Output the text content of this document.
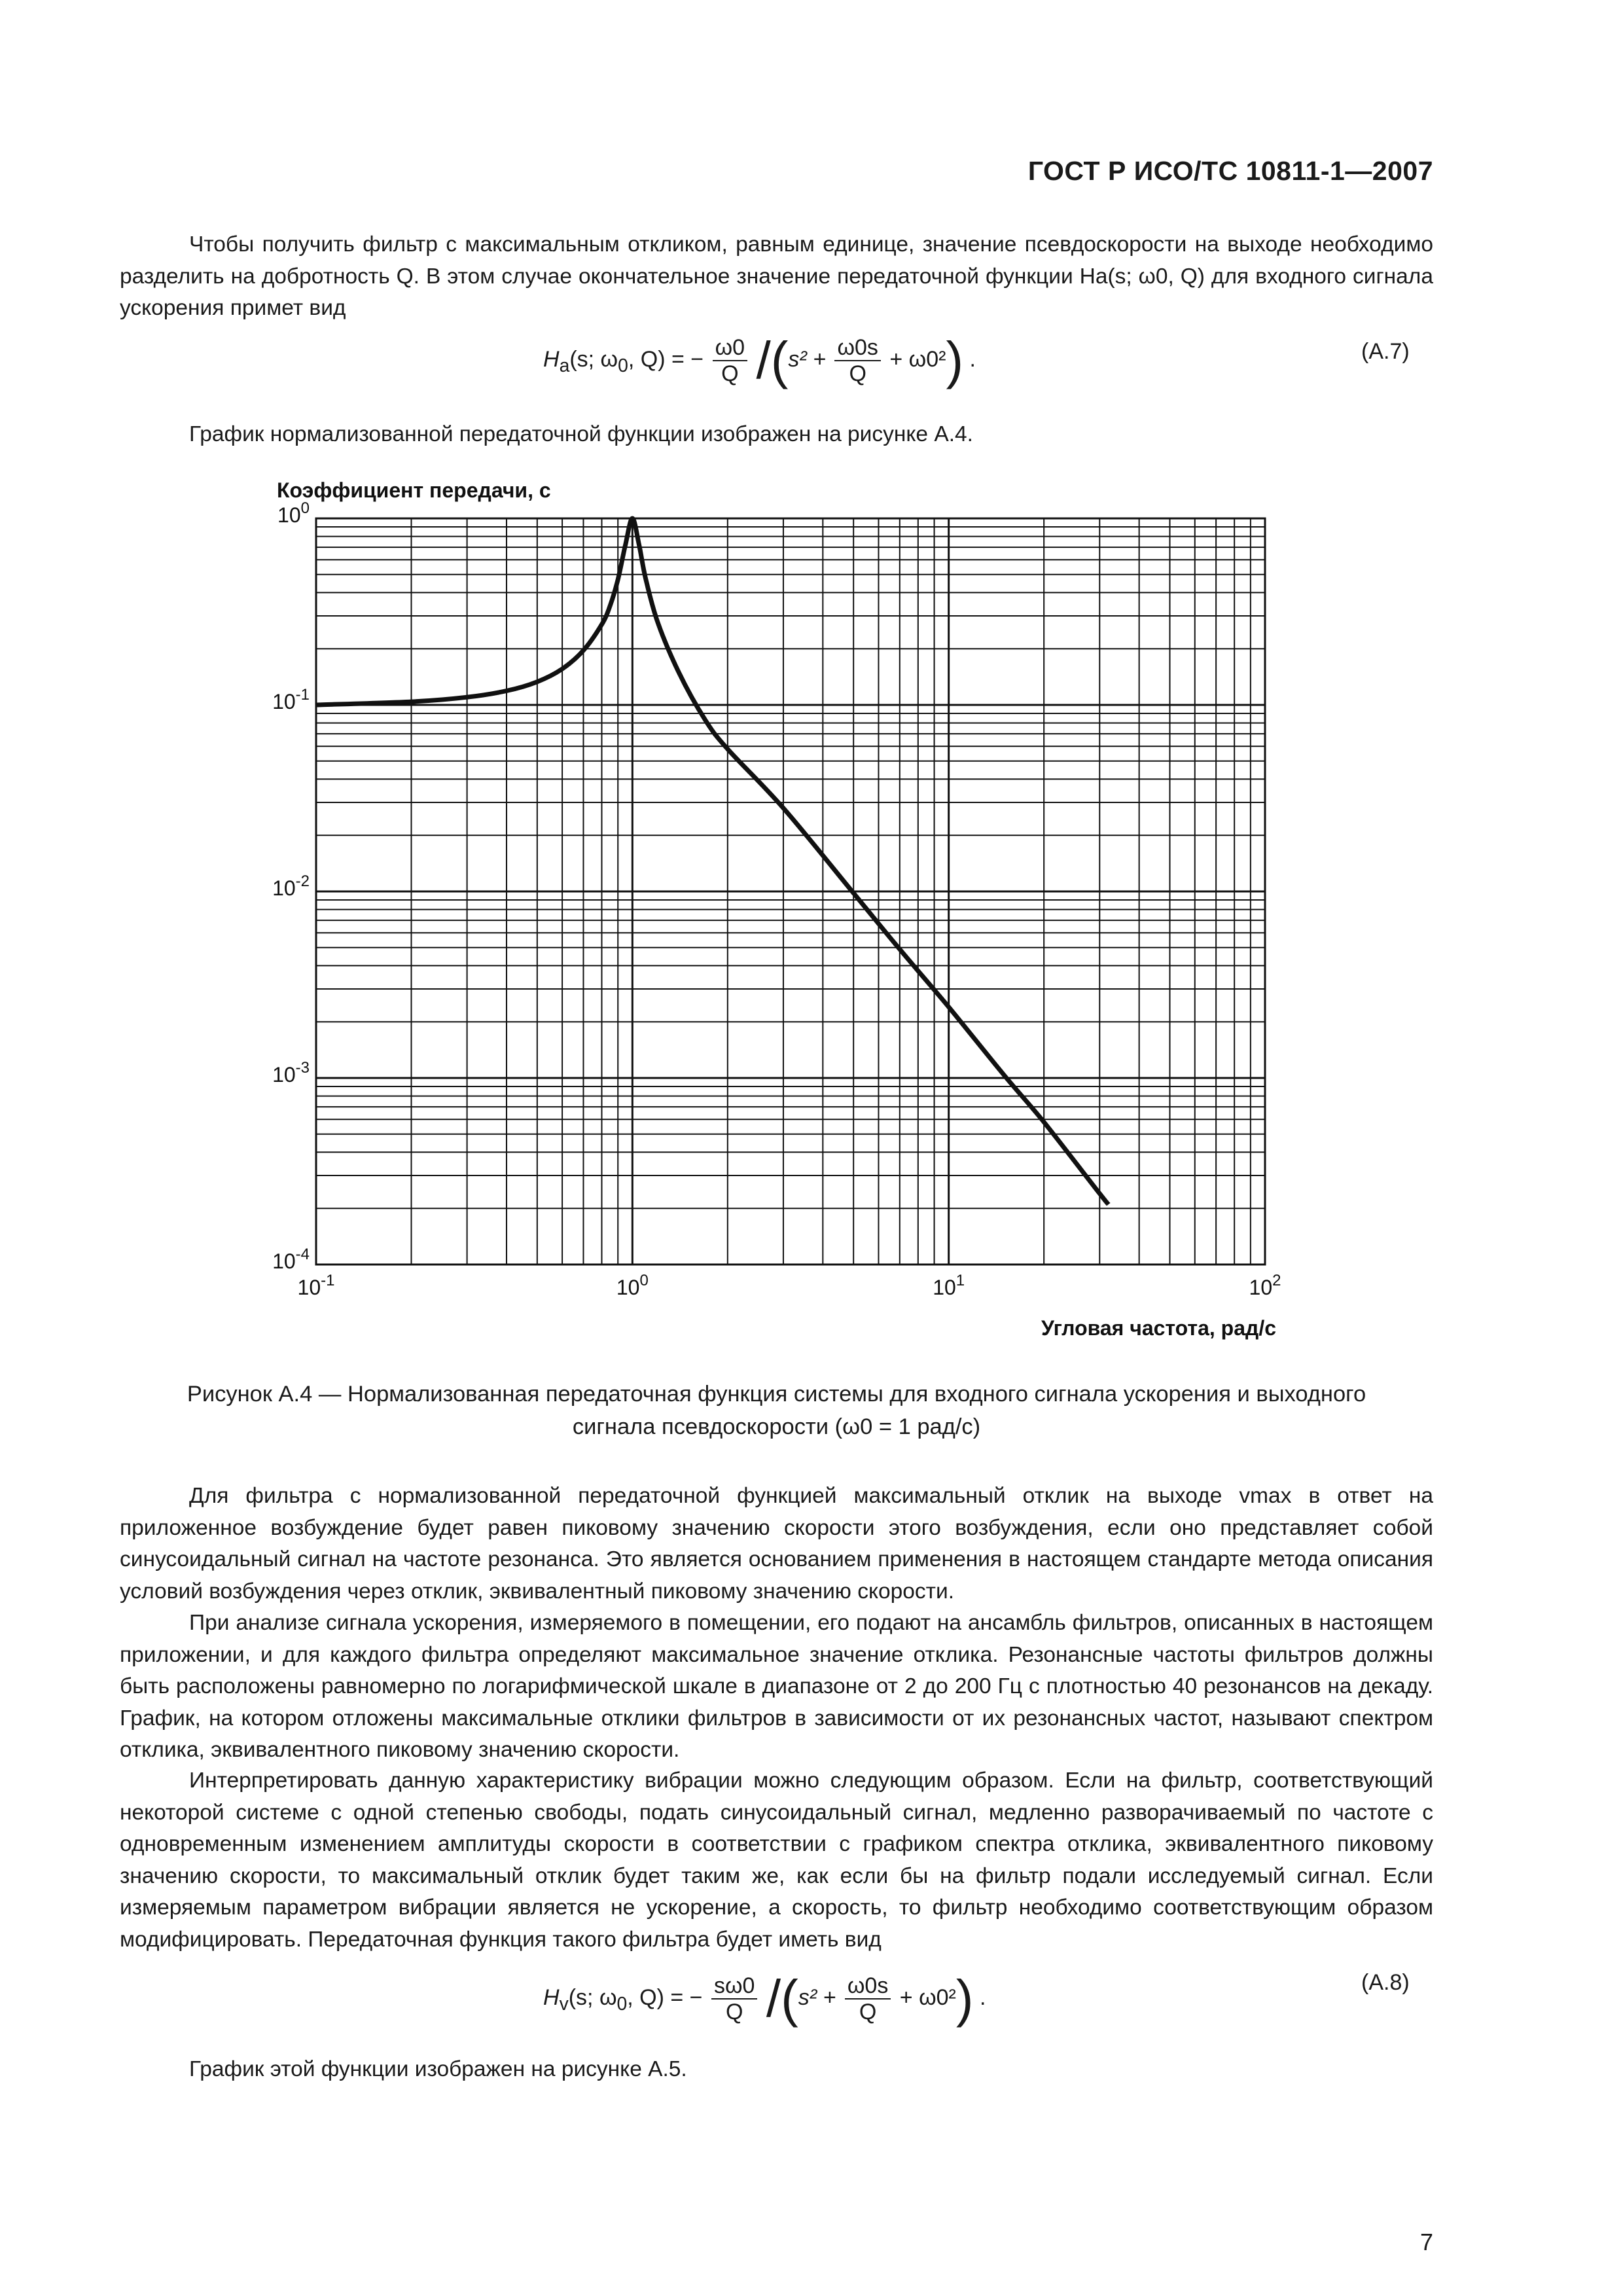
ГОСТ Р ИСО/ТС 10811-1—2007

Чтобы получить фильтр с максимальным откликом, равным единице, значение псевдоскорости на выходе необходимо разделить на добротность Q. В этом случае окончательное значение передаточной функции Ha(s; ω0, Q) для входного сигнала ускорения примет вид

$H_a(s$; $\omega_0$, Q) = − $\frac{\omega 0}{Q} /(s^2 + \frac{\omega 0s}{Q} + \omega 0^2)$ .	(А.7)

График нормализованной передаточной функции изображен на рисунке А.4.

Коэффициент передачи, с
Угловая частота, рад/с
$10^{-1}$	$10^0$	$10^1$	$10^2$
$10^0$
$10^{-1}$
$10^{-2}$
$10^{-3}$
$10^{-4}$
Рисунок А.4 — Нормализованная передаточная функция системы для входного сигнала ускорения и выходного
сигнала псевдоскорости (ω0 = 1 рад/с)

Для фильтра с нормализованной передаточной функцией максимальный отклик на выходе vmax в ответ на приложенное возбуждение будет равен пиковому значению скорости этого возбуждения, если оно представляет собой синусоидальный сигнал на частоте резонанса. Это является основанием применения в настоящем стандарте метода описания условий возбуждения через отклик, эквивалентный пиковому значению скорости.

При анализе сигнала ускорения, измеряемого в помещении, его подают на ансамбль фильтров, описанных в настоящем приложении, и для каждого фильтра определяют максимальное значение отклика. Резонансные частоты фильтров должны быть расположены равномерно по логарифмической шкале в диапазоне от 2 до 200 Гц с плотностью 40 резонансов на декаду. График, на котором отложены максимальные отклики фильтров в зависимости от их резонансных частот, называют спектром отклика, эквивалентного пиковому значению скорости.

Интерпретировать данную характеристику вибрации можно следующим образом. Если на фильтр, соответствующий некоторой системе с одной степенью свободы, подать синусоидальный сигнал, медленно разворачиваемый по частоте с одновременным изменением амплитуды скорости в соответствии с графиком спектра отклика, эквивалентного пиковому значению скорости, то максимальный отклик будет таким же, как если бы на фильтр подали исследуемый сигнал. Если измеряемым параметром вибрации является не ускорение, а скорость, то фильтр необходимо соответствующим образом модифицировать. Передаточная функция такого фильтра будет иметь вид

$H_v(s$; $\omega_0$, Q) = − $\frac{s\omega 0}{Q} /(s^2 + \frac{\omega 0s}{Q} + \omega 0^2)$ .
(А.8)

График этой функции изображен на рисунке А.5.

7
